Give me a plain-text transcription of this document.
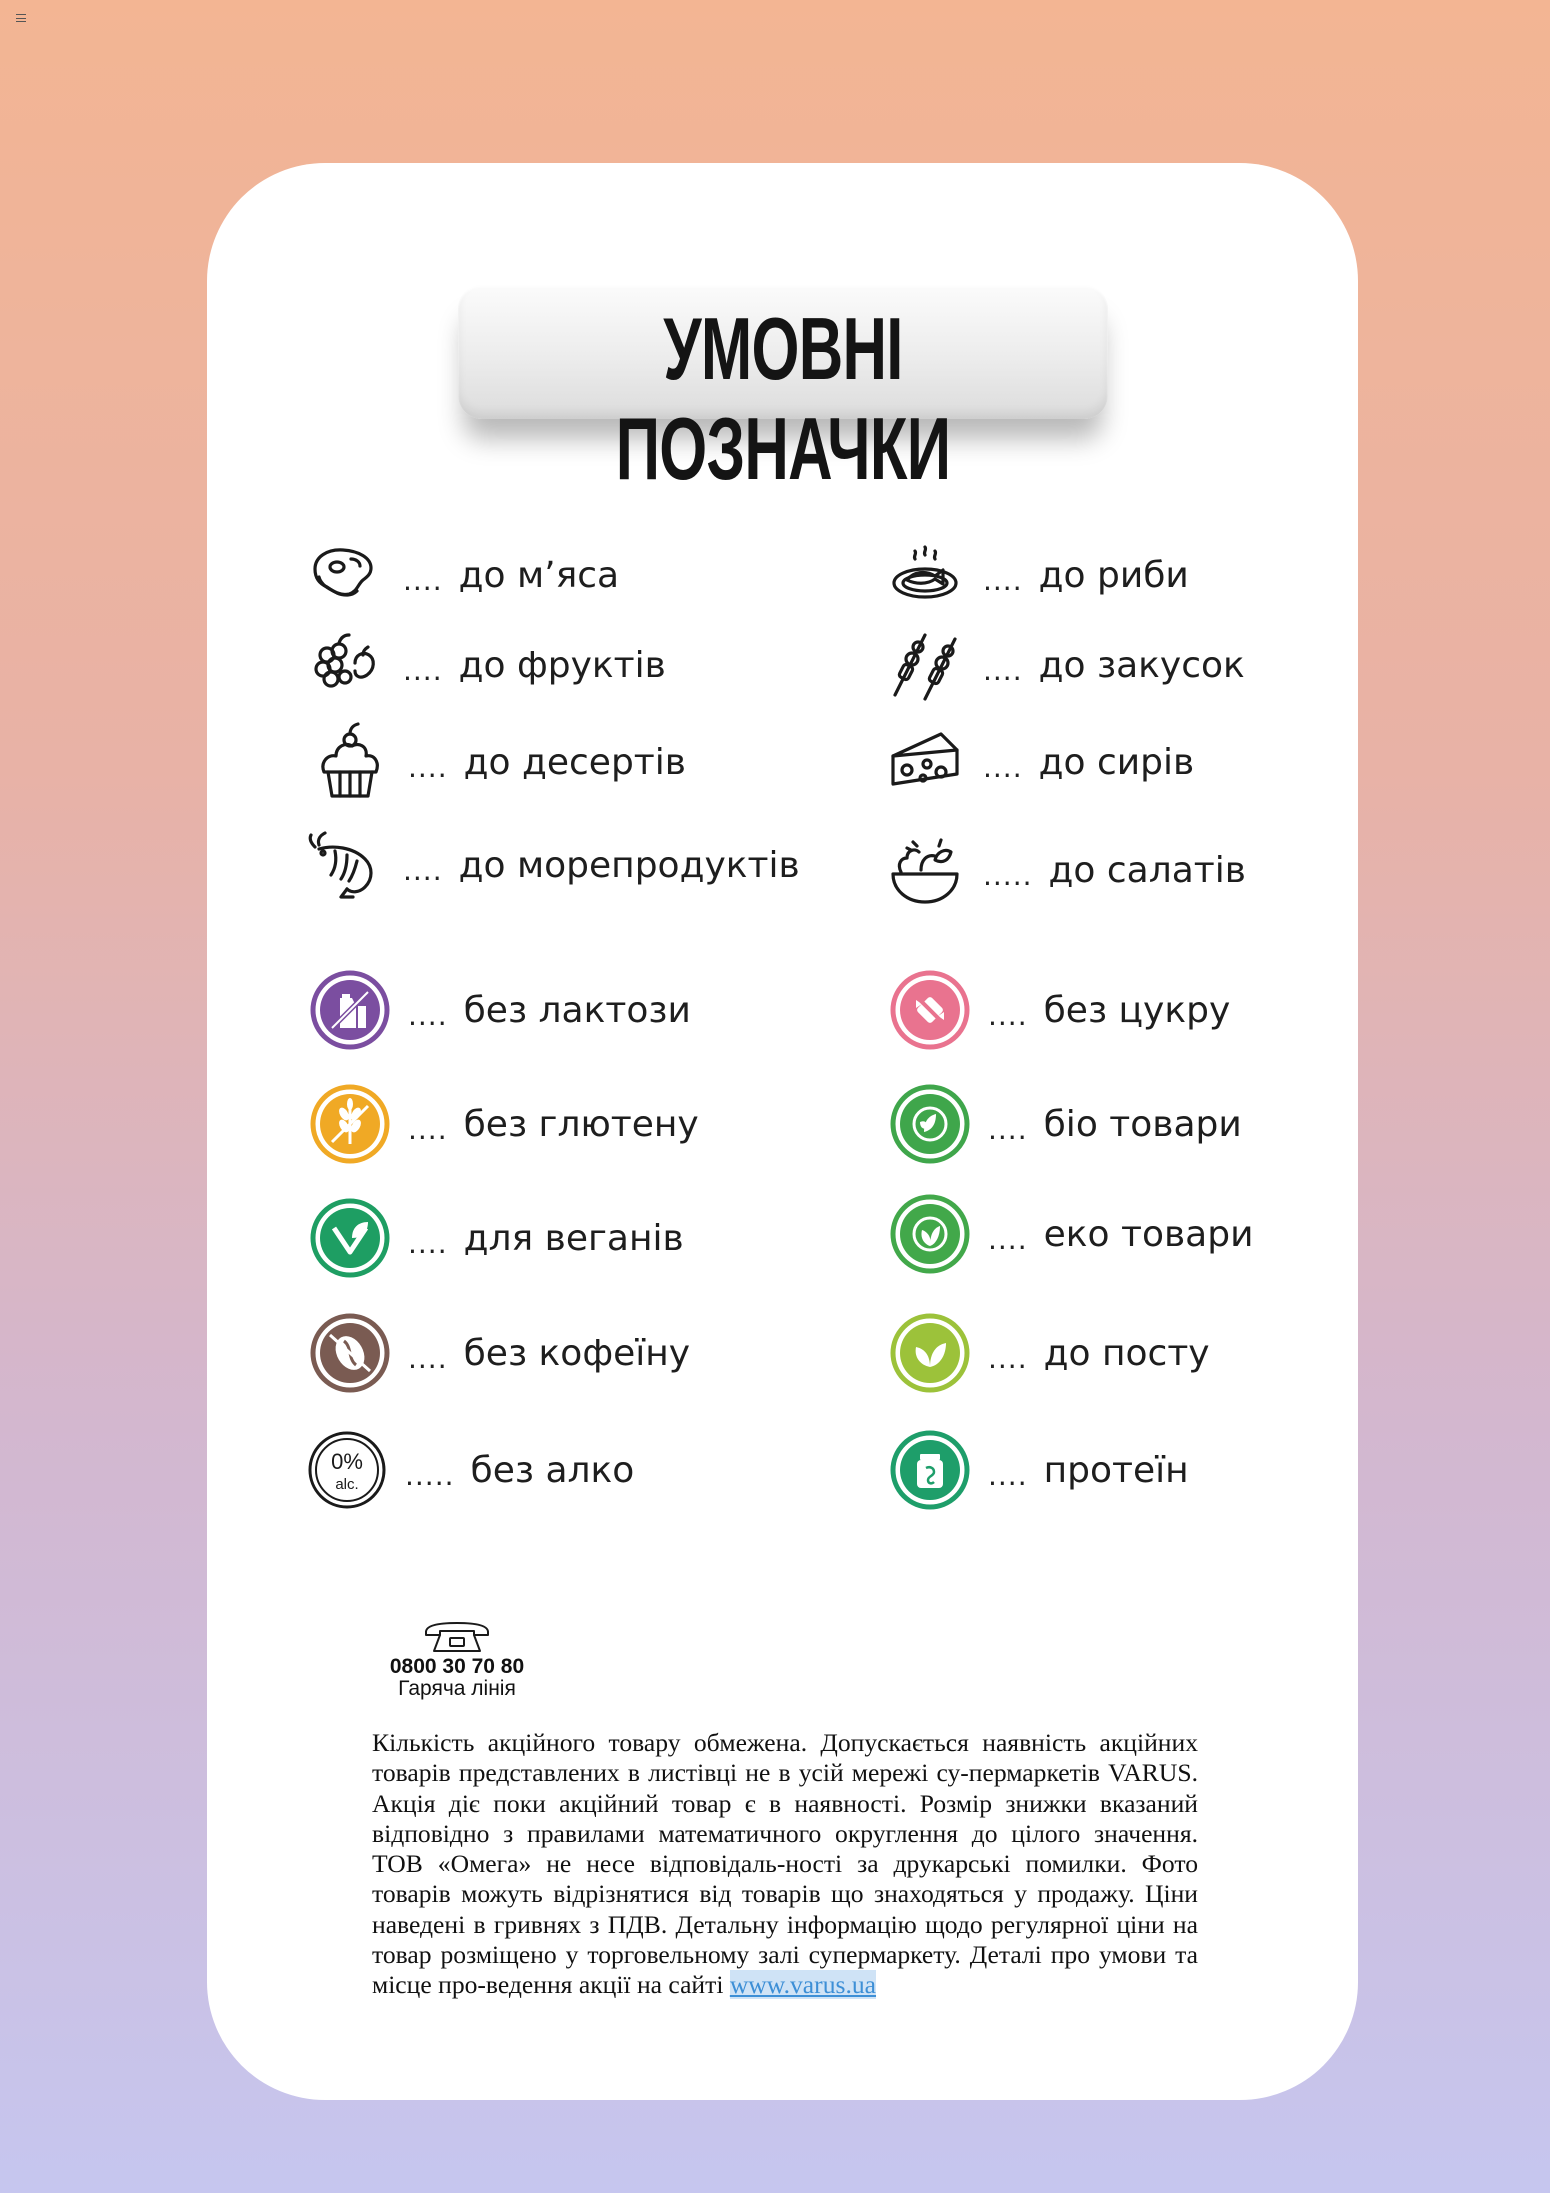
УМОВНІ ПОЗНАЧКИ
.... до м’яса	.... до риби
.... до фруктів	.... до закусок
.... до десертів	.... до сирів
.... до морепродуктів	..... до салатів
.... без лактози	.... без цукру
.... без глютену	.... біо товари
.... для веганів	.... еко товари
.... без кофеїну	.... до посту
0%
alc. ..... без алко	.... протеїн
0800 30 70 80
Гаряча лінія
Кількість акційного товару обмежена. Допускається наявність акційних товарів представлених в листівці не в усій мережі су-пермаркетів VARUS. Акція діє поки акційний товар є в наявності. Розмір знижки вказаний відповідно з правилами математичного округлення до цілого значення. ТОВ «Омега» не несе відповідаль-ності за друкарські помилки. Фото товарів можуть відрізнятися від товарів що знаходяться у продажу. Ціни наведені в гривнях з ПДВ. Детальну інформацію щодо регулярної ціни на товар розміщено у торговельному залі супермаркету. Деталі про умови та місце про-ведення акції на сайті www.varus.ua
